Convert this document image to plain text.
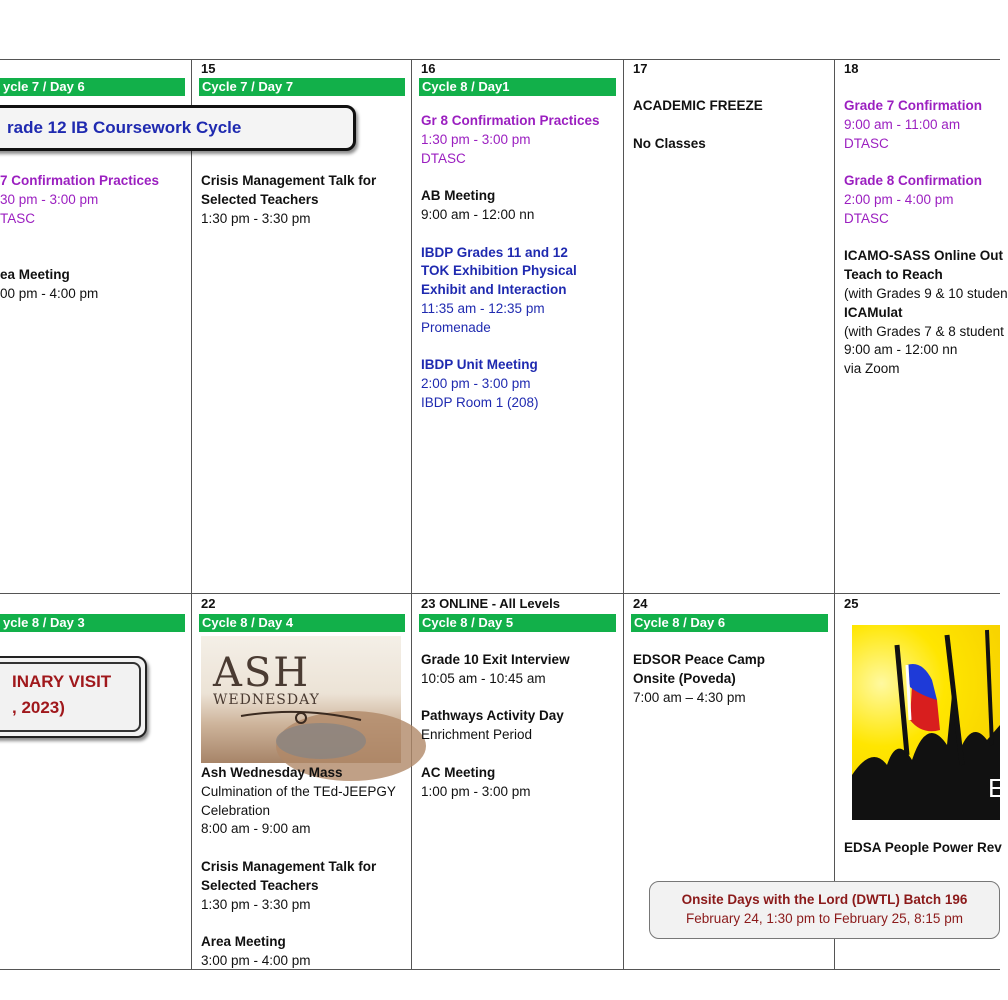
ycle 7 / Day 6
rade 12 IB Coursework Cycle

7 Confirmation Practices

30 pm - 3:00 pm

TASC

ea Meeting

00 pm - 4:00 pm

15
Cycle 7 / Day 7

Crisis Management Talk for

Selected Teachers

1:30 pm - 3:30 pm

16
Cycle 8 / Day1

Gr 8 Confirmation Practices

1:30 pm - 3:00 pm

DTASC

AB Meeting

9:00 am - 12:00 nn

IBDP Grades 11 and 12

TOK Exhibition Physical

Exhibit and Interaction

11:35 am - 12:35 pm

Promenade

IBDP Unit Meeting

2:00 pm - 3:00 pm

IBDP Room 1 (208)

17

ACADEMIC FREEZE

No Classes

18

Grade 7 Confirmation

9:00 am - 11:00 am

DTASC

Grade 8 Confirmation

2:00 pm - 4:00 pm

DTASC

ICAMO-SASS Online Out

Teach to Reach

(with Grades 9 & 10 studen

ICAMulat

(with Grades 7 & 8 student

9:00 am - 12:00 nn

via Zoom

ycle 8 / Day 3
INARY VISIT
, 2023)
22
Cycle 8 / Day 4
ASH
WEDNESDAY

Ash Wednesday Mass

Culmination of the TEd-JEEPGY

Celebration

8:00 am - 9:00 am

Crisis Management Talk for

Selected Teachers

1:30 pm - 3:30 pm

Area Meeting

3:00 pm - 4:00 pm

23 ONLINE - All Levels
Cycle 8 / Day 5

Grade 10 Exit Interview

10:05 am - 10:45 am

Pathways Activity Day

Enrichment Period

AC Meeting

1:00 pm - 3:00 pm

24
Cycle 8 / Day 6

EDSOR Peace Camp

Onsite (Poveda)

7:00 am – 4:30 pm

25
E

EDSA People Power Rev

Onsite Days with the Lord (DWTL) Batch 196
February 24, 1:30 pm to February 25, 8:15 pm
